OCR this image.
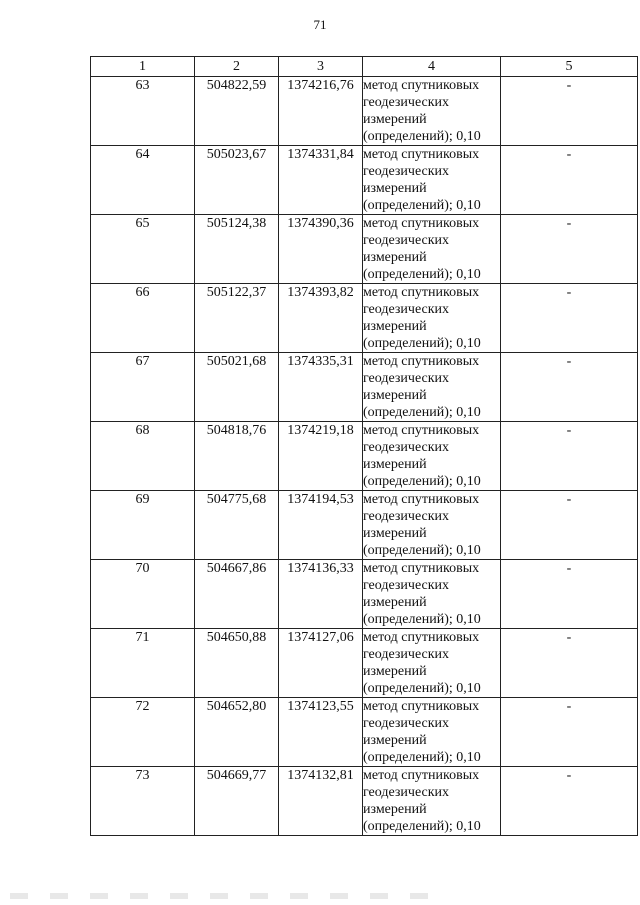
71
1	2	3	4	5
63	504822,59	1374216,76	метод спутниковых
геодезических
измерений
(определений); 0,10	-
64	505023,67	1374331,84	метод спутниковых
геодезических
измерений
(определений); 0,10	-
65	505124,38	1374390,36	метод спутниковых
геодезических
измерений
(определений); 0,10	-
66	505122,37	1374393,82	метод спутниковых
геодезических
измерений
(определений); 0,10	-
67	505021,68	1374335,31	метод спутниковых
геодезических
измерений
(определений); 0,10	-
68	504818,76	1374219,18	метод спутниковых
геодезических
измерений
(определений); 0,10	-
69	504775,68	1374194,53	метод спутниковых
геодезических
измерений
(определений); 0,10	-
70	504667,86	1374136,33	метод спутниковых
геодезических
измерений
(определений); 0,10	-
71	504650,88	1374127,06	метод спутниковых
геодезических
измерений
(определений); 0,10	-
72	504652,80	1374123,55	метод спутниковых
геодезических
измерений
(определений); 0,10	-
73	504669,77	1374132,81	метод спутниковых
геодезических
измерений
(определений); 0,10	-
